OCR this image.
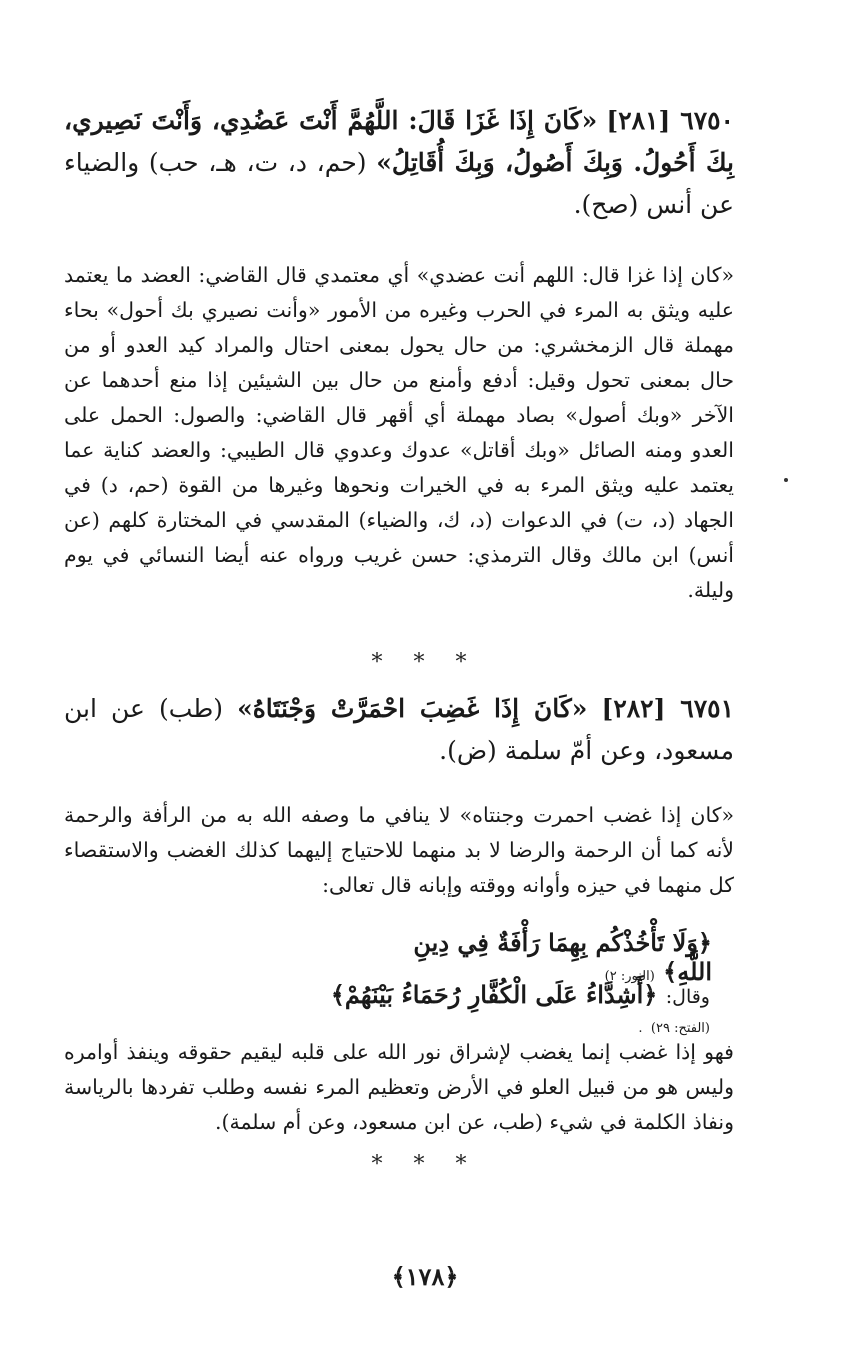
٦٧٥٠ [٢٨١] «كَانَ إِذَا غَزَا قَالَ: اللَّهُمَّ أَنْتَ عَضُدِي، وَأَنْتَ نَصِيري، بِكَ أَحُولُ. وَبِكَ أَصُولُ، وَبِكَ أُقَاتِلُ» (حم، د، ت، هـ، حب) والضياء عن أنس (صح).
«كان إذا غزا قال: اللهم أنت عضدي» أي معتمدي قال القاضي: العضد ما يعتمد عليه ويثق به المرء في الحرب وغيره من الأمور «وأنت نصيري بك أحول» بحاء مهملة قال الزمخشري: من حال يحول بمعنى احتال والمراد كيد العدو أو من حال بمعنى تحول وقيل: أدفع وأمنع من حال بين الشيئين إذا منع أحدهما عن الآخر «وبك أصول» بصاد مهملة أي أقهر قال القاضي: والصول: الحمل على العدو ومنه الصائل «وبك أقاتل» عدوك وعدوي قال الطيبي: والعضد كناية عما يعتمد عليه ويثق المرء به في الخيرات ونحوها وغيرها من القوة (حم، د) في الجهاد (د، ت) في الدعوات (د، ك، والضياء) المقدسي في المختارة كلهم (عن أنس) ابن مالك وقال الترمذي: حسن غريب ورواه عنه أيضا النسائي في يوم وليلة.
* * *
٦٧٥١ [٢٨٢] «كَانَ إِذَا غَضِبَ احْمَرَّتْ وَجْنَتَاهُ» (طب) عن ابن مسعود، وعن أمّ سلمة (ض).
«كان إذا غضب احمرت وجنتاه» لا ينافي ما وصفه الله به من الرأفة والرحمة لأنه كما أن الرحمة والرضا لا بد منهما للاحتياج إليهما كذلك الغضب والاستقصاء كل منهما في حيزه وأوانه ووقته وإبانه قال تعالى:
﴿وَلَا تَأْخُذْكُم بِهِمَا رَأْفَةٌ فِي دِينِ اللَّهِ﴾ (النور: ٢)
وقال: ﴿أَشِدَّاءُ عَلَى الْكُفَّارِ رُحَمَاءُ بَيْنَهُمْ﴾ (الفتح: ٢٩) .
فهو إذا غضب إنما يغضب لإشراق نور الله على قلبه ليقيم حقوقه وينفذ أوامره وليس هو من قبيل العلو في الأرض وتعظيم المرء نفسه وطلب تفردها بالرياسة ونفاذ الكلمة في شيء (طب، عن ابن مسعود، وعن أم سلمة).
* * *
﴿١٧٨﴾
